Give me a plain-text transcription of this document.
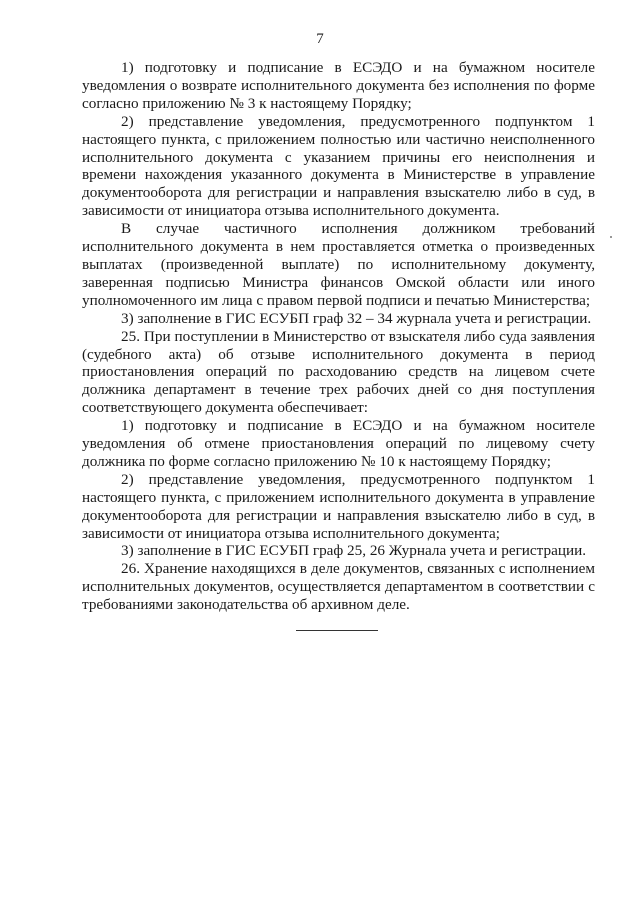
7

1) подготовку и подписание в ЕСЭДО и на бумажном носителе уведомления о возврате исполнительного документа без исполнения по форме согласно приложению № 3 к настоящему Порядку;

2) представление уведомления, предусмотренного подпунктом 1 настоящего пункта, с приложением полностью или частично неисполненного исполнительного документа с указанием причины его неисполнения и времени нахождения указанного документа в Министерстве в управление документооборота для регистрации и направления взыскателю либо в суд, в зависимости от инициатора отзыва исполнительного документа.

В случае частичного исполнения должником требований исполнительного документа в нем проставляется отметка о произведенных выплатах (произведенной выплате) по исполнительному документу, заверенная подписью Министра финансов Омской области или иного уполномоченного им лица с правом первой подписи и печатью Министерства;

3) заполнение в ГИС ЕСУБП граф 32 – 34 журнала учета и регистрации.

25. При поступлении в Министерство от взыскателя либо суда заявления (судебного акта) об отзыве исполнительного документа в период приостановления операций по расходованию средств на лицевом счете должника департамент в течение трех рабочих дней со дня поступления соответствующего документа обеспечивает:

1) подготовку и подписание в ЕСЭДО и на бумажном носителе уведомления об отмене приостановления операций по лицевому счету должника по форме согласно приложению № 10 к настоящему Порядку;

2) представление уведомления, предусмотренного подпунктом 1 настоящего пункта, с приложением исполнительного документа в управление документооборота для регистрации и направления взыскателю либо в суд, в зависимости от инициатора отзыва исполнительного документа;

3) заполнение в ГИС ЕСУБП граф 25, 26 Журнала учета и регистрации.

26. Хранение находящихся в деле документов, связанных с исполнением исполнительных документов, осуществляется департаментом в соответствии с требованиями законодательства об архивном деле.
